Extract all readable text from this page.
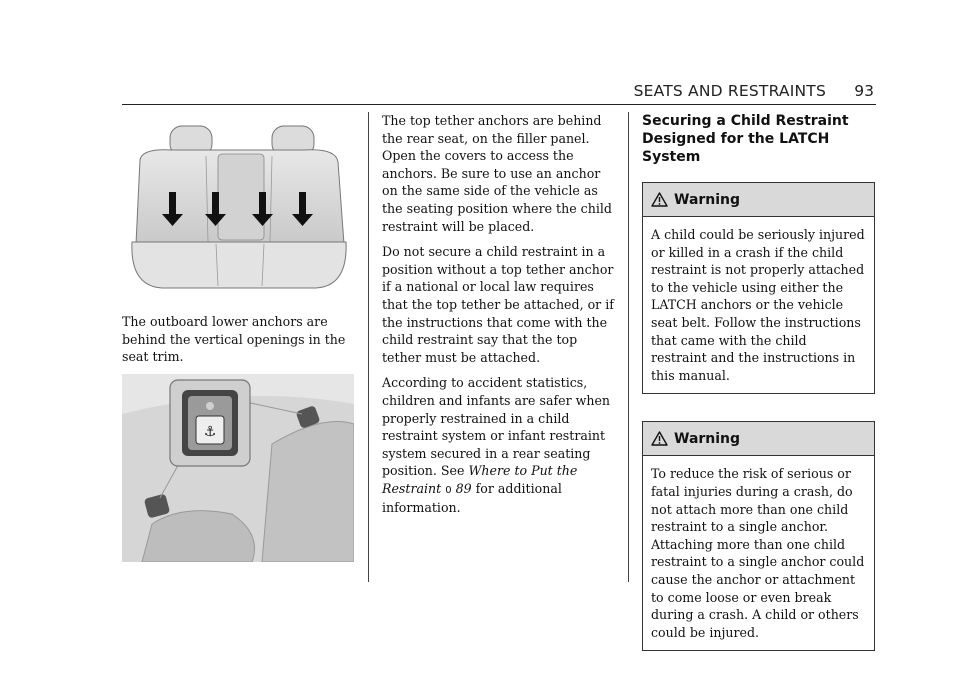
SEATS AND RESTRAINTS 93

The outboard lower anchors are behind the vertical openings in the seat trim.

⚓

The top tether anchors are behind the rear seat, on the filler panel. Open the covers to access the anchors. Be sure to use an anchor on the same side of the vehicle as the seating position where the child restraint will be placed.

Do not secure a child restraint in a position without a top tether anchor if a national or local law requires that the top tether be attached, or if the instructions that come with the child restraint say that the top tether must be attached.

According to accident statistics, children and infants are safer when properly restrained in a child restraint system or infant restraint system secured in a rear seating position. See Where to Put the Restraint 0 89 for additional information.

Securing a Child Restraint Designed for the LATCH System
Warning
A child could be seriously injured or killed in a crash if the child restraint is not properly attached to the vehicle using either the LATCH anchors or the vehicle seat belt. Follow the instructions that came with the child restraint and the instructions in this manual.
Warning
To reduce the risk of serious or fatal injuries during a crash, do not attach more than one child restraint to a single anchor. Attaching more than one child restraint to a single anchor could cause the anchor or attachment to come loose or even break during a crash. A child or others could be injured.
